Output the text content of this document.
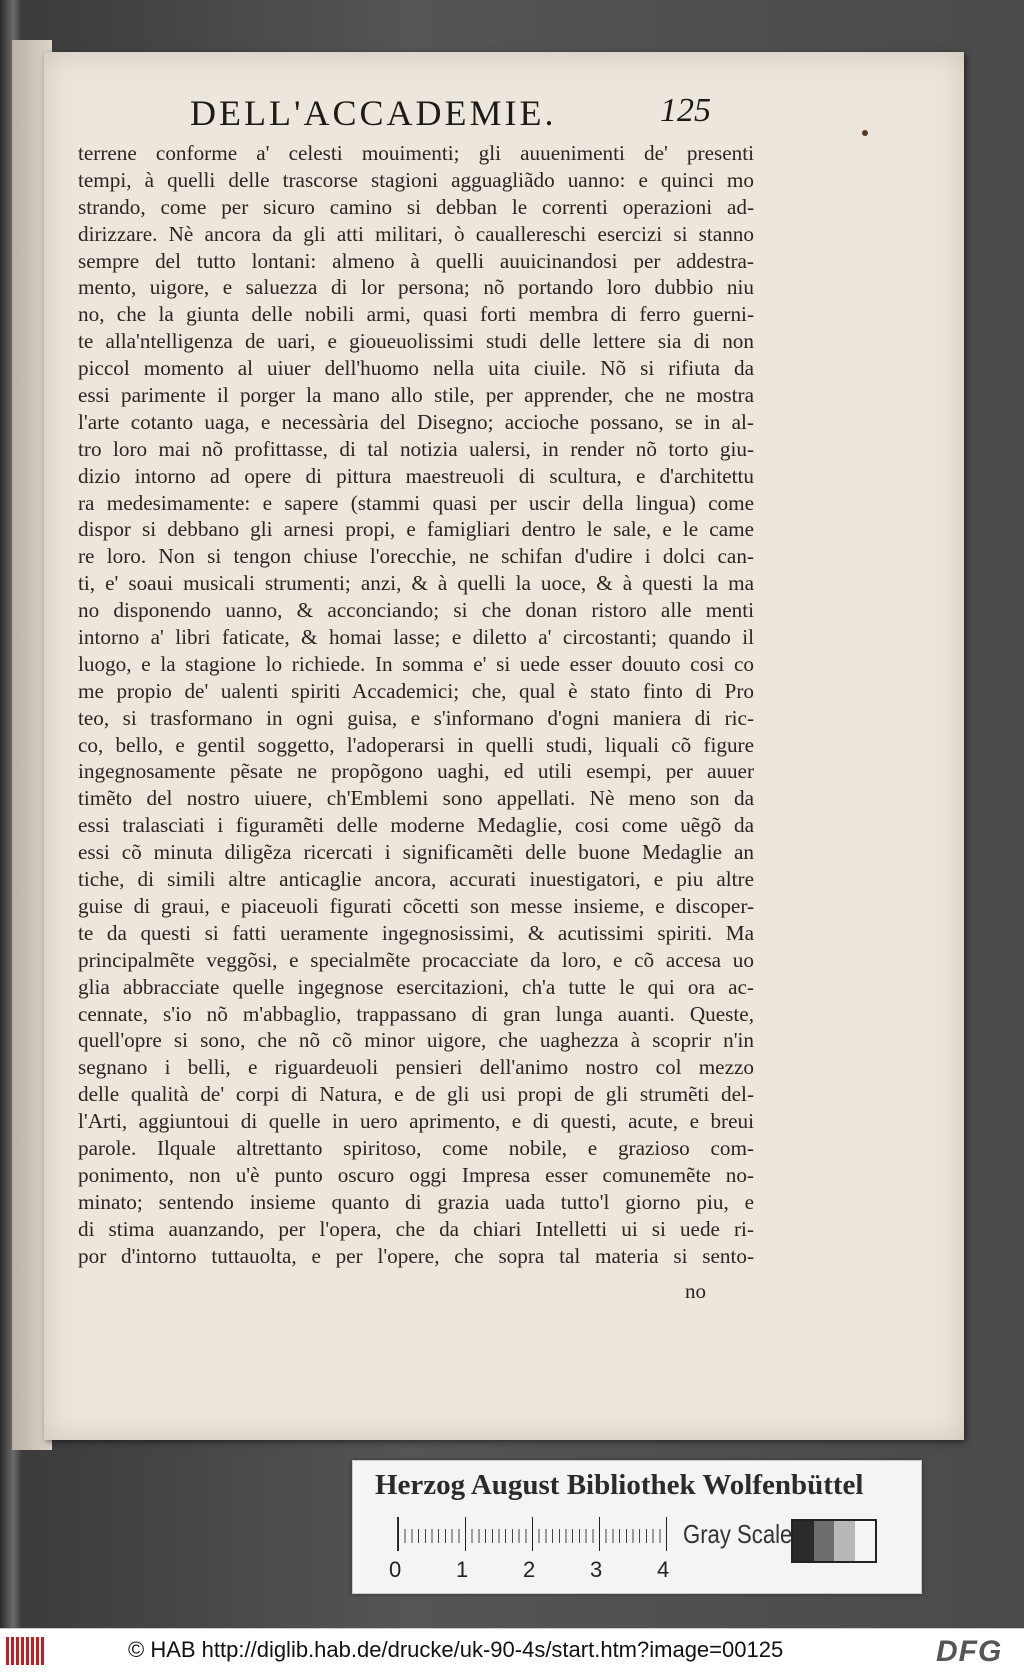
DELL'ACCADEMIE.	125
terrene conforme a' celesti mouimenti; gli auuenimenti de' presenti
tempi, à quelli delle trascorse stagioni agguagliãdo uanno: e quinci mo
strando, come per sicuro camino si debban le correnti operazioni ad-
dirizzare. Nè ancora da gli atti militari, ò cauallereschi esercizi si stanno
sempre del tutto lontani: almeno à quelli auuicinandosi per addestra-
mento, uigore, e saluezza di lor persona; nõ portando loro dubbio niu
no, che la giunta delle nobili armi, quasi forti membra di ferro guerni-
te alla'ntelligenza de uari, e gioueuolissimi studi delle lettere sia di non
piccol momento al uiuer dell'huomo nella uita ciuile. Nõ si rifiuta da
essi parimente il porger la mano allo stile, per apprender, che ne mostra
l'arte cotanto uaga, e necessària del Disegno; accioche possano, se in al-
tro loro mai nõ profittasse, di tal notizia ualersi, in render nõ torto giu-
dizio intorno ad opere di pittura maestreuoli di scultura, e d'architettu
ra medesimamente: e sapere (stammi quasi per uscir della lingua) come
dispor si debbano gli arnesi propi, e famigliari dentro le sale, e le came
re loro. Non si tengon chiuse l'orecchie, ne schifan d'udire i dolci can-
ti, e' soaui musicali strumenti; anzi, & à quelli la uoce, & à questi la ma
no disponendo uanno, & acconciando; si che donan ristoro alle menti
intorno a' libri faticate, & homai lasse; e diletto a' circostanti; quando il
luogo, e la stagione lo richiede. In somma e' si uede esser douuto cosi co
me propio de' ualenti spiriti Accademici; che, qual è stato finto di Pro
teo, si trasformano in ogni guisa, e s'informano d'ogni maniera di ric-
co, bello, e gentil soggetto, l'adoperarsi in quelli studi, liquali cõ figure
ingegnosamente pẽsate ne propõgono uaghi, ed utili esempi, per auuer
timẽto del nostro uiuere, ch'Emblemi sono appellati. Nè meno son da
essi tralasciati i figuramẽti delle moderne Medaglie, cosi come uẽgõ da
essi cõ minuta diligẽza ricercati i significamẽti delle buone Medaglie an
tiche, di simili altre anticaglie ancora, accurati inuestigatori, e piu altre
guise di graui, e piaceuoli figurati cõcetti son messe insieme, e discoper-
te da questi si fatti ueramente ingegnosissimi, & acutissimi spiriti. Ma
principalmẽte veggõsi, e specialmẽte procacciate da loro, e cõ accesa uo
glia abbracciate quelle ingegnose esercitazioni, ch'a tutte le qui ora ac-
cennate, s'io nõ m'abbaglio, trappassano di gran lunga auanti. Queste,
quell'opre si sono, che nõ cõ minor uigore, che uaghezza à scoprir n'in
segnano i belli, e riguardeuoli pensieri dell'animo nostro col mezzo
delle qualità de' corpi di Natura, e de gli usi propi de gli strumẽti del-
l'Arti, aggiuntoui di quelle in uero aprimento, e di questi, acute, e breui
parole. Ilquale altrettanto spiritoso, come nobile, e grazioso com-
ponimento, non u'è punto oscuro oggi Impresa esser comunemẽte no-
minato; sentendo insieme quanto di grazia uada tutto'l giorno piu, e
di stima auanzando, per l'opera, che da chiari Intelletti ui si uede ri-
por d'intorno tuttauolta, e per l'opere, che sopra tal materia si sento-
no
Herzog August Bibliothek Wolfenbüttel
0 1 2 3 4
Gray Scale
© HAB http://diglib.hab.de/drucke/uk-90-4s/start.htm?image=00125	DFG
